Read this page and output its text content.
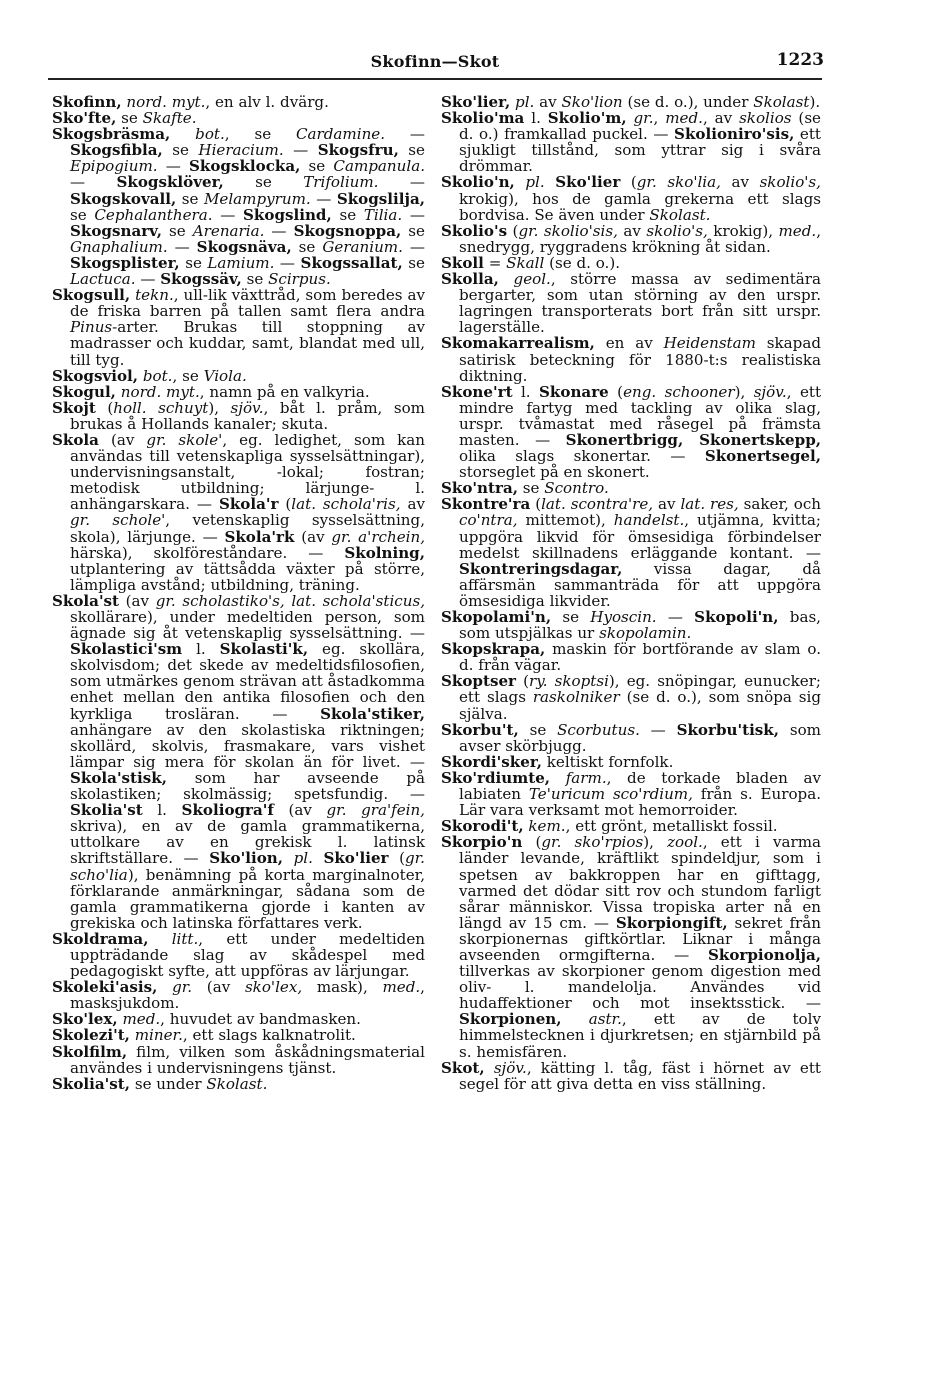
Skofinn—Skot	1223

Skofinn, nord. myt., en alv l. dvärg.

Sko'fte, se Skafte.

Skogsbräsma, bot., se Cardamine. — Skogsfibla, se Hieracium. — Skogsfru, se Epipogium. — Skogsklocka, se Campanula. — Skogsklöver, se Trifolium. — Skogskovall, se Melampyrum. — Skogslilja, se Cephalanthera. — Skogslind, se Tilia. — Skogsnarv, se Arenaria. — Skogsnoppa, se Gnaphalium. — Skogsnäva, se Geranium. — Skogsplister, se Lamium. — Skogssallat, se Lactuca. — Skogssäv, se Scirpus.

Skogsull, tekn., ull-lik växttråd, som beredes av de friska barren på tallen samt flera andra Pinus-arter. Brukas till stoppning av madrasser och kuddar, samt, blandat med ull, till tyg.

Skogsviol, bot., se Viola.

Skogul, nord. myt., namn på en valkyria.

Skojt (holl. schuyt), sjöv., båt l. pråm, som brukas å Hollands kanaler; skuta.

Skola (av gr. skole', eg. ledighet, som kan användas till vetenskapliga sysselsättningar), undervisningsanstalt, -lokal; fostran; metodisk utbildning; lärjunge- l. anhängarskara. — Skola'r (lat. schola'ris, av gr. schole', vetenskaplig sysselsättning, skola), lärjunge. — Skola'rk (av gr. a'rchein, härska), skolföreståndare. — Skolning, utplantering av tättsådda växter på större, lämpliga avstånd; utbildning, träning.

Skola'st (av gr. scholastiko's, lat. schola'sticus, skollärare), under medeltiden person, som ägnade sig åt vetenskaplig sysselsättning. — Skolastici'sm l. Skolasti'k, eg. skollära, skolvisdom; det skede av medeltidsfilosofien, som utmärkes genom strävan att åstadkomma enhet mellan den antika filosofien och den kyrkliga trosläran. — Skola'stiker, anhängare av den skolastiska riktningen; skollärd, skolvis, frasmakare, vars vishet lämpar sig mera för skolan än för livet. — Skola'stisk, som har avseende på skolastiken; skolmässig; spetsfundig. — Skolia'st l. Skoliogra'f (av gr. gra'fein, skriva), en av de gamla grammatikerna, uttolkare av en grekisk l. latinsk skriftställare. — Sko'lion, pl. Sko'lier (gr. scho'lia), benämning på korta marginalnoter, förklarande anmärkningar, sådana som de gamla grammatikerna gjorde i kanten av grekiska och latinska författares verk.

Skoldrama, litt., ett under medeltiden uppträdande slag av skådespel med pedagogiskt syfte, att uppföras av lärjungar.

Skoleki'asis, gr. (av sko'lex, mask), med., masksjukdom.

Sko'lex, med., huvudet av bandmasken.

Skolezi't, miner., ett slags kalknatrolit.

Skolfilm, film, vilken som åskådningsmaterial användes i undervisningens tjänst.

Skolia'st, se under Skolast.

Sko'lier, pl. av Sko'lion (se d. o.), under Skolast).

Skolio'ma l. Skolio'm, gr., med., av skolios (se d. o.) framkallad puckel. — Skolioniro'sis, ett sjukligt tillstånd, som yttrar sig i svåra drömmar.

Skolio'n, pl. Sko'lier (gr. sko'lia, av skolio's, krokig), hos de gamla grekerna ett slags bordvisa. Se även under Skolast.

Skolio's (gr. skolio'sis, av skolio's, krokig), med., snedrygg, ryggradens krökning åt sidan.

Skoll = Skall (se d. o.).

Skolla, geol., större massa av sedimentära bergarter, som utan störning av den urspr. lagringen transporterats bort från sitt urspr. lagerställe.

Skomakarrealism, en av Heidenstam skapad satirisk beteckning för 1880-t:s realistiska diktning.

Skone'rt l. Skonare (eng. schooner), sjöv., ett mindre fartyg med tackling av olika slag, urspr. tvåmastat med råsegel på främsta masten. — Skonertbrigg, Skonertskepp, olika slags skonertar. — Skonertsegel, storseglet på en skonert.

Sko'ntra, se Scontro.

Skontre'ra (lat. scontra're, av lat. res, saker, och co'ntra, mittemot), handelst., utjämna, kvitta; uppgöra likvid för ömsesidiga förbindelser medelst skillnadens erläggande kontant. — Skontreringsdagar, vissa dagar, då affärsmän sammanträda för att uppgöra ömsesidiga likvider.

Skopolami'n, se Hyoscin. — Skopoli'n, bas, som utspjälkas ur skopolamin.

Skopskrapa, maskin för bortförande av slam o. d. från vägar.

Skoptser (ry. skoptsi), eg. snöpingar, eunucker; ett slags raskolniker (se d. o.), som snöpa sig själva.

Skorbu't, se Scorbutus. — Skorbu'tisk, som avser skörbjugg.

Skordi'sker, keltiskt fornfolk.

Sko'rdiumte, farm., de torkade bladen av labiaten Te'uricum sco'rdium, från s. Europa. Lär vara verksamt mot hemorroider.

Skorodi't, kem., ett grönt, metalliskt fossil.

Skorpio'n (gr. sko'rpios), zool., ett i varma länder levande, kräftlikt spindeldjur, som i spetsen av bakkroppen har en gifttagg, varmed det dödar sitt rov och stundom farligt sårar människor. Vissa tropiska arter nå en längd av 15 cm. — Skorpiongift, sekret från skorpionernas giftkörtlar. Liknar i många avseenden ormgifterna. — Skorpionolja, tillverkas av skorpioner genom digestion med oliv- l. mandelolja. Användes vid hudaffektioner och mot insektsstick. — Skorpionen, astr., ett av de tolv himmelstecknen i djurkretsen; en stjärnbild på s. hemisfären.

Skot, sjöv., kätting l. tåg, fäst i hörnet av ett segel för att giva detta en viss ställning.
